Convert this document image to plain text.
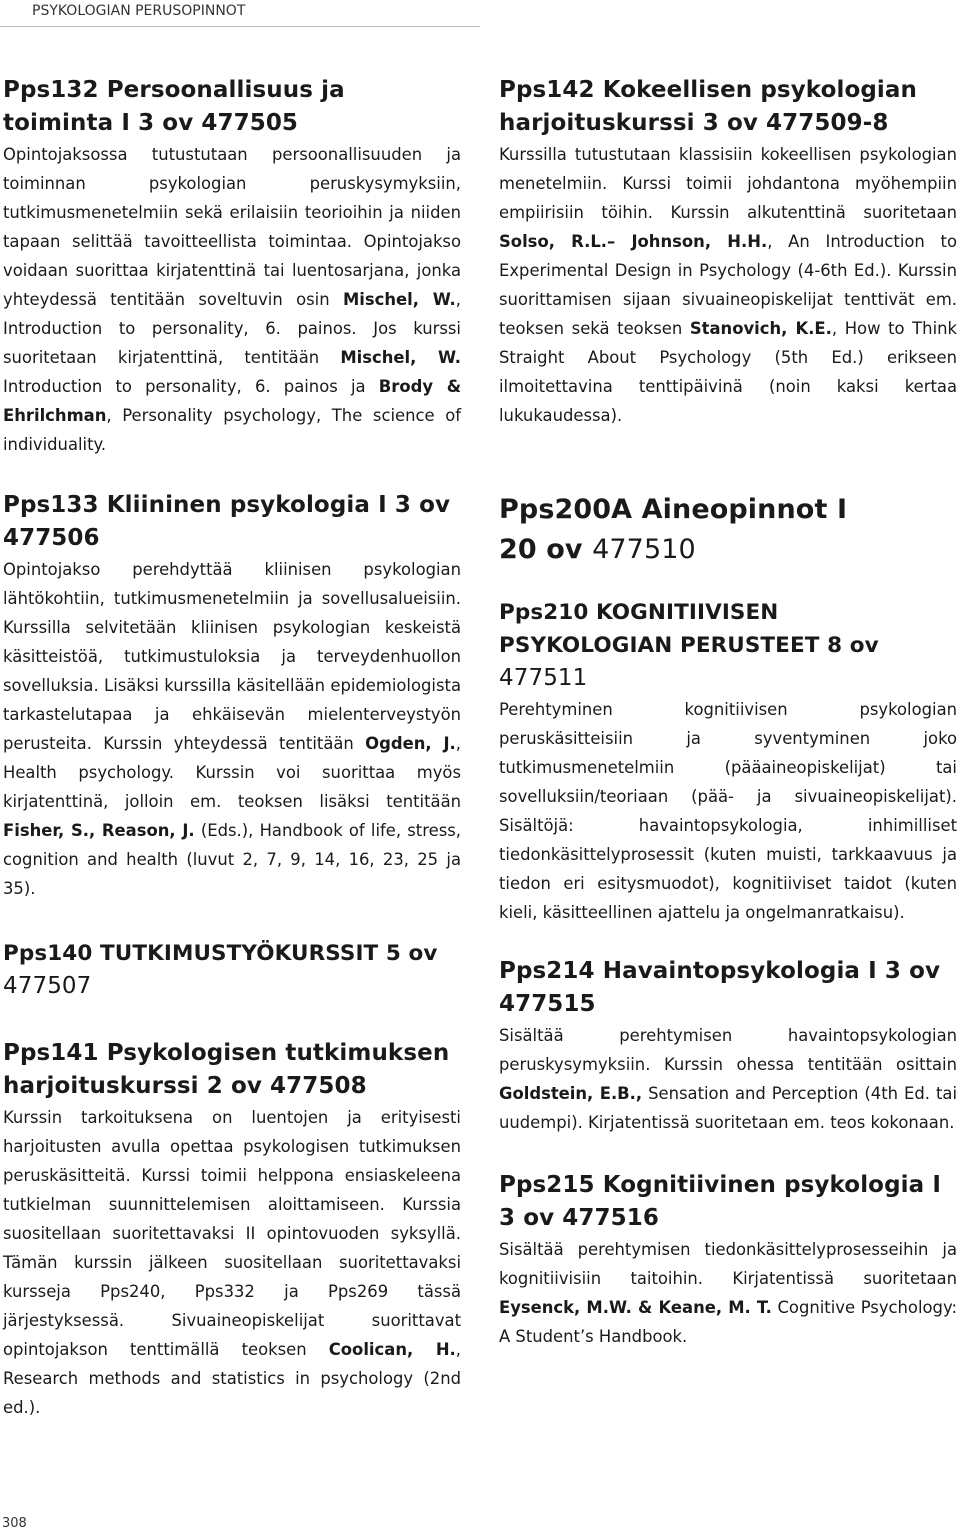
PSYKOLOGIAN PERUSOPINNOT
Pps132 Persoonallisuus ja toiminta I 3 ov 477505

Opintojaksossa tutustutaan persoonallisuuden ja toiminnan psykologian peruskysymyksiin, tutkimusmenetelmiin sekä erilaisiin teorioihin ja niiden tapaan selittää tavoitteellista toimintaa. Opintojakso voidaan suorittaa kirjatenttinä tai luentosarjana, jonka yhteydessä tentitään soveltuvin osin Mischel, W., Introduction to personality, 6. painos. Jos kurssi suoritetaan kirjatenttinä, tentitään Mischel, W. Introduction to personality, 6. painos ja Brody & Ehrilchman, Personality psychology, The science of individuality.

Pps133 Kliininen psykologia I 3 ov 477506

Opintojakso perehdyttää kliinisen psykologian lähtökohtiin, tutkimusmenetelmiin ja sovellusalueisiin. Kurssilla selvitetään kliinisen psykologian keskeistä käsitteistöä, tutkimustuloksia ja terveydenhuollon sovelluksia. Lisäksi kurssilla käsitellään epidemiologista tarkastelutapaa ja ehkäisevän mielenterveystyön perusteita. Kurssin yhteydessä tentitään Ogden, J., Health psychology. Kurssin voi suorittaa myös kirjatenttinä, jolloin em. teoksen lisäksi tentitään Fisher, S., Reason, J. (Eds.), Handbook of life, stress, cognition and health (luvut 2, 7, 9, 14, 16, 23, 25 ja 35).

Pps140 TUTKIMUSTYÖKURSSIT 5 ov
477507
Pps141 Psykologisen tutkimuksen harjoituskurssi 2 ov 477508

Kurssin tarkoituksena on luentojen ja erityisesti harjoitusten avulla opettaa psykologisen tutkimuksen peruskäsitteitä. Kurssi toimii helppona ensiaskeleena tutkielman suunnittelemisen aloittamiseen. Kurssia suositellaan suoritettavaksi II opintovuoden syksyllä. Tämän kurssin jälkeen suositellaan suoritettavaksi kursseja Pps240, Pps332 ja Pps269 tässä järjestyksessä. Sivuaineopiskelijat suorittavat opintojakson tenttimällä teoksen Coolican, H., Research methods and statistics in psychology (2nd ed.).

Pps142 Kokeellisen psykologian harjoituskurssi 3 ov 477509-8

Kurssilla tutustutaan klassisiin kokeellisen psykologian menetelmiin. Kurssi toimii johdantona myöhempiin empiirisiin töihin. Kurssin alkutenttinä suoritetaan Solso, R.L.– Johnson, H.H., An Introduction to Experimental Design in Psychology (4-6th Ed.). Kurssin suorittamisen sijaan sivuaineopiskelijat tenttivät em. teoksen sekä teoksen Stanovich, K.E., How to Think Straight About Psychology (5th Ed.) erikseen ilmoitettavina tenttipäivinä (noin kaksi kertaa lukukaudessa).

Pps200A Aineopinnot I
20 ov 477510
Pps210 KOGNITIIVISEN PSYKOLOGIAN PERUSTEET 8 ov
477511

Perehtyminen kognitiivisen psykologian peruskäsitteisiin ja syventyminen joko tutkimusmenetelmiin (pääaineopiskelijat) tai sovelluksiin/teoriaan (pää- ja sivuaineopiskelijat). Sisältöjä: havaintopsykologia, inhimilliset tiedonkäsittelyprosessit (kuten muisti, tarkkaavuus ja tiedon eri esitysmuodot), kognitiiviset taidot (kuten kieli, käsitteellinen ajattelu ja ongelmanratkaisu).

Pps214 Havaintopsykologia I 3 ov 477515

Sisältää perehtymisen havaintopsykologian peruskysymyksiin. Kurssin ohessa tentitään osittain Goldstein, E.B., Sensation and Perception (4th Ed. tai uudempi). Kirjatentissä suoritetaan em. teos kokonaan.

Pps215 Kognitiivinen psykologia I 3 ov 477516

Sisältää perehtymisen tiedonkäsittelyprosesseihin ja kognitiivisiin taitoihin. Kirjatentissä suoritetaan Eysenck, M.W. & Keane, M. T. Cognitive Psychology: A Student’s Handbook.

308
